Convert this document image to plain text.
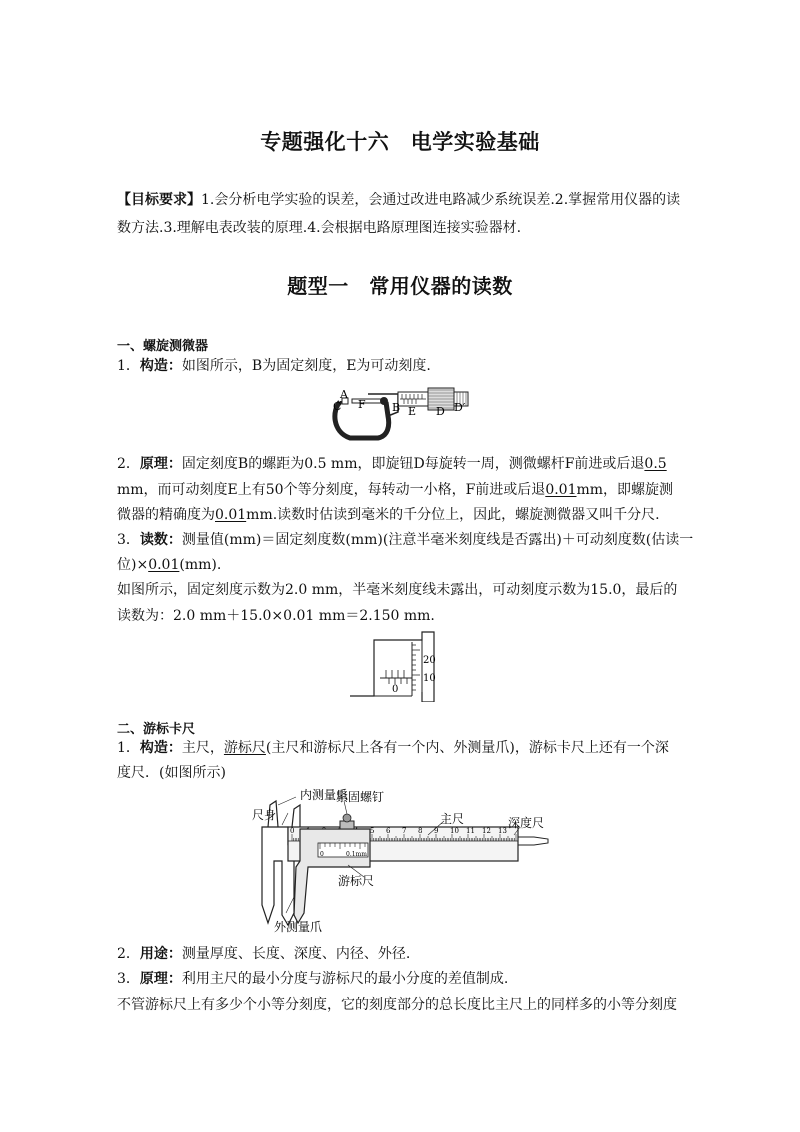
专题强化十六　电学实验基础
【目标要求】1.会分析电学实验的误差，会通过改进电路减少系统误差.2.掌握常用仪器的读
数方法.3.理解电表改装的原理.4.会根据电路原理图连接实验器材.
题型一　常用仪器的读数
一、螺旋测微器
1．构造：如图所示，B为固定刻度，E为可动刻度.
C
A
F B E D D′
2．原理：固定刻度B的螺距为0.5 mm，即旋钮D每旋转一周，测微螺杆F前进或后退0.5
mm，而可动刻度E上有50个等分刻度，每转动一小格，F前进或后退0.01mm，即螺旋测
微器的精确度为0.01mm.读数时估读到毫米的千分位上，因此，螺旋测微器又叫千分尺.
3．读数：测量值(mm)＝固定刻度数(mm)(注意半毫米刻度线是否露出)＋可动刻度数(估读一
位)×0.01(mm).
如图所示，固定刻度示数为2.0 mm，半毫米刻度线未露出，可动刻度示数为15.0，最后的
读数为：2.0 mm＋15.0×0.01 mm＝2.150 mm.
20
10
0
二、游标卡尺
1．构造：主尺，游标尺(主尺和游标尺上各有一个内、外测量爪)，游标卡尺上还有一个深
度尺．(如图所示)
0	5 6 7 8 9 10 11 12 13
0	0.1mm
内测量爪
尺身
紧固螺钉
主尺	深度尺
游标尺
外测量爪
2．用途：测量厚度、长度、深度、内径、外径.
3．原理：利用主尺的最小分度与游标尺的最小分度的差值制成.
不管游标尺上有多少个小等分刻度，它的刻度部分的总长度比主尺上的同样多的小等分刻度
